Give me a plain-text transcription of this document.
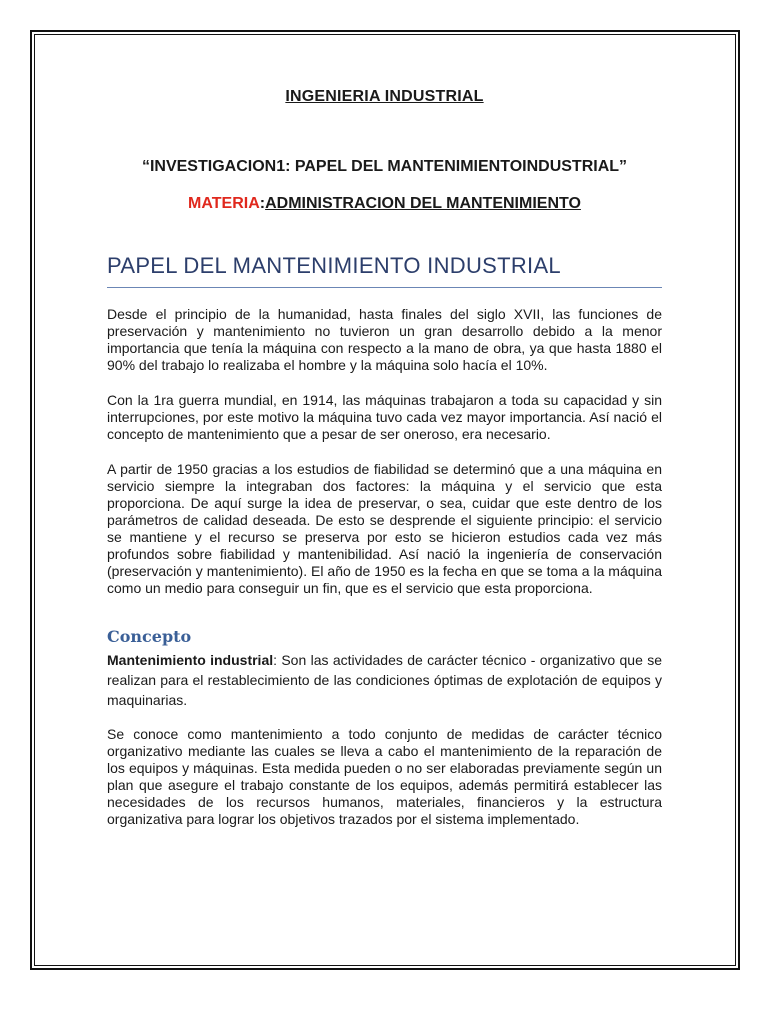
INGENIERIA INDUSTRIAL

“INVESTIGACION1: PAPEL DEL MANTENIMIENTOINDUSTRIAL”

MATERIA:ADMINISTRACION DEL MANTENIMIENTO

PAPEL DEL MANTENIMIENTO INDUSTRIAL

Desde el principio de la humanidad, hasta finales del siglo XVII, las funciones de preservación y mantenimiento no tuvieron un gran desarrollo debido a la menor importancia que tenía la máquina con respecto a la mano de obra, ya que hasta 1880 el 90% del trabajo lo realizaba el hombre y la máquina solo hacía el 10%.

Con la 1ra guerra mundial, en 1914, las máquinas trabajaron a toda su capacidad y sin interrupciones, por este motivo la máquina tuvo cada vez mayor importancia. Así nació el concepto de mantenimiento que a pesar de ser oneroso, era necesario.

A partir de 1950 gracias a los estudios de fiabilidad se determinó que a una máquina en servicio siempre la integraban dos factores: la máquina y el servicio que esta proporciona. De aquí surge la idea de preservar, o sea, cuidar que este dentro de los parámetros de calidad deseada. De esto se desprende el siguiente principio: el servicio se mantiene y el recurso se preserva por esto se hicieron estudios cada vez más profundos sobre fiabilidad y mantenibilidad. Así nació la ingeniería de conservación (preservación y mantenimiento). El año de 1950 es la fecha en que se toma a la máquina como un medio para conseguir un fin, que es el servicio que esta proporciona.

Concepto

Mantenimiento industrial: Son las actividades de carácter técnico - organizativo que se realizan para el restablecimiento de las condiciones óptimas de explotación de equipos y maquinarias.

Se conoce como mantenimiento a todo conjunto de medidas de carácter técnico organizativo mediante las cuales se lleva a cabo el mantenimiento de la reparación de los equipos y máquinas. Esta medida pueden o no ser elaboradas previamente según un plan que asegure el trabajo constante de los equipos, además permitirá establecer las necesidades de los recursos humanos, materiales, financieros y la estructura organizativa para lograr los objetivos trazados por el sistema implementado.
